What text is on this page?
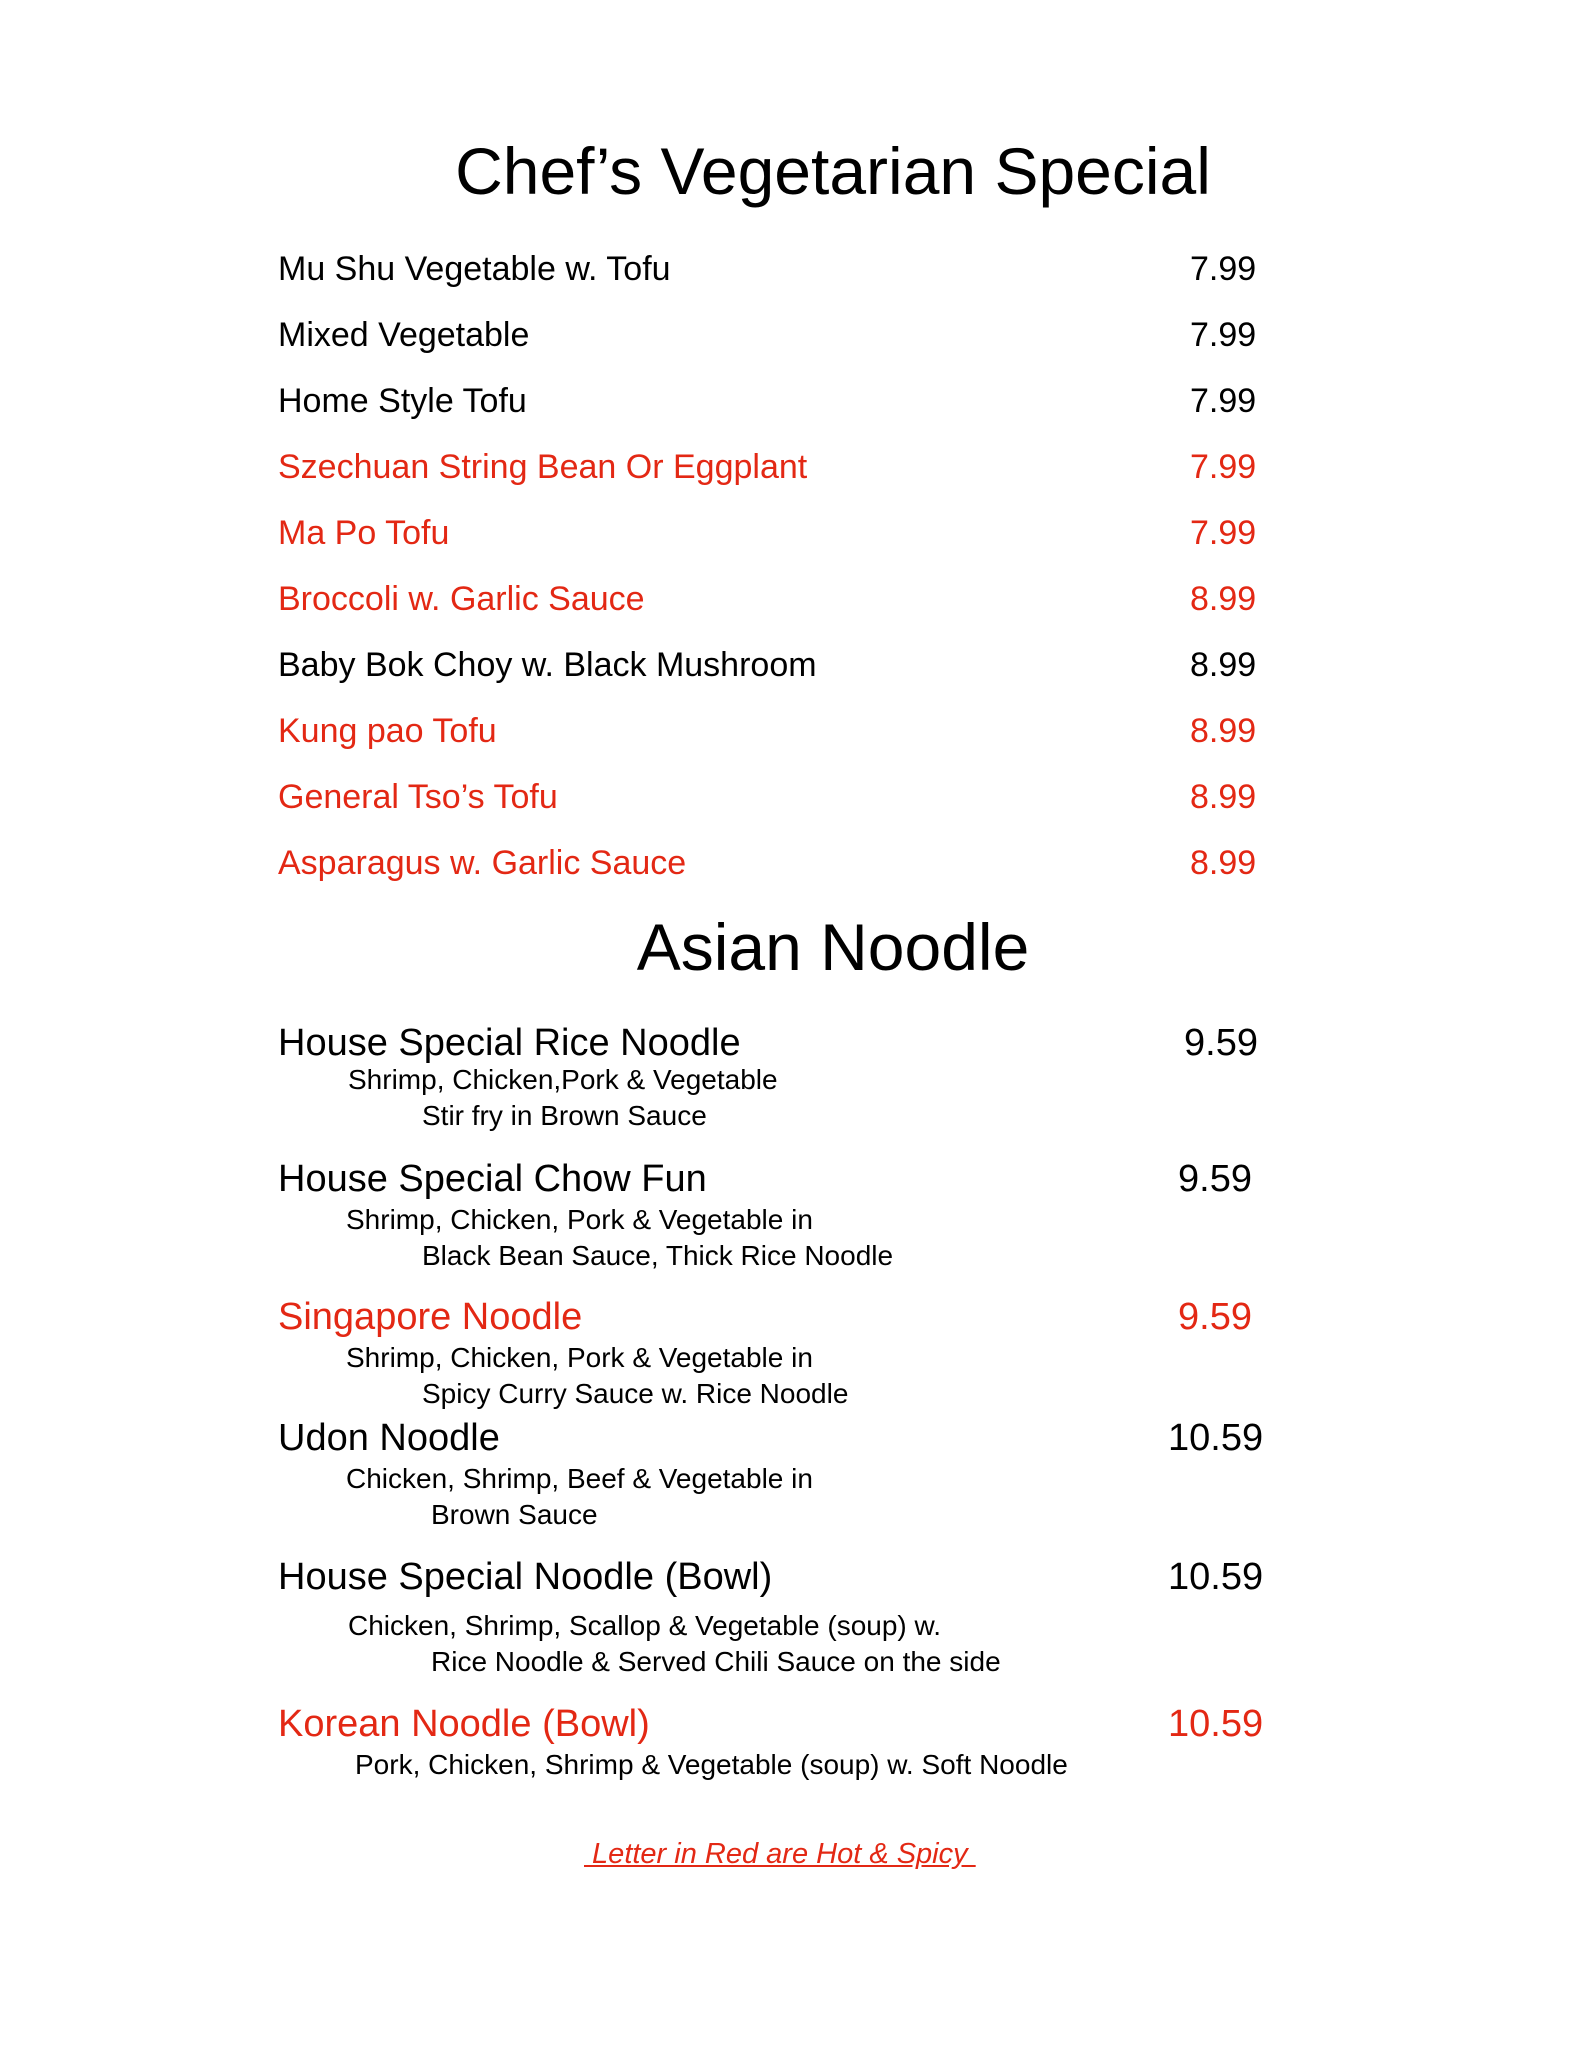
Chef’s Vegetarian Special
Mu Shu Vegetable w. Tofu	7.99
Mixed Vegetable	7.99
Home Style Tofu	7.99
Szechuan String Bean Or Eggplant	7.99
Ma Po Tofu	7.99
Broccoli w. Garlic Sauce	8.99
Baby Bok Choy w. Black Mushroom	8.99
Kung pao Tofu	8.99
General Tso’s Tofu	8.99
Asparagus w. Garlic Sauce	8.99
Asian Noodle
House Special Rice Noodle	9.59
Shrimp, Chicken,Pork & Vegetable
Stir fry in Brown Sauce
House Special Chow Fun	9.59
Shrimp, Chicken, Pork & Vegetable in
Black Bean Sauce, Thick Rice Noodle
Singapore Noodle	9.59
Shrimp, Chicken, Pork & Vegetable in
Spicy Curry Sauce w. Rice Noodle
Udon Noodle	10.59
Chicken, Shrimp, Beef & Vegetable in
Brown Sauce
House Special Noodle (Bowl)	10.59
Chicken, Shrimp, Scallop & Vegetable (soup) w.
Rice Noodle & Served Chili Sauce on the side
Korean Noodle (Bowl)	10.59
Pork, Chicken, Shrimp & Vegetable (soup) w. Soft Noodle
Letter in Red are Hot & Spicy
